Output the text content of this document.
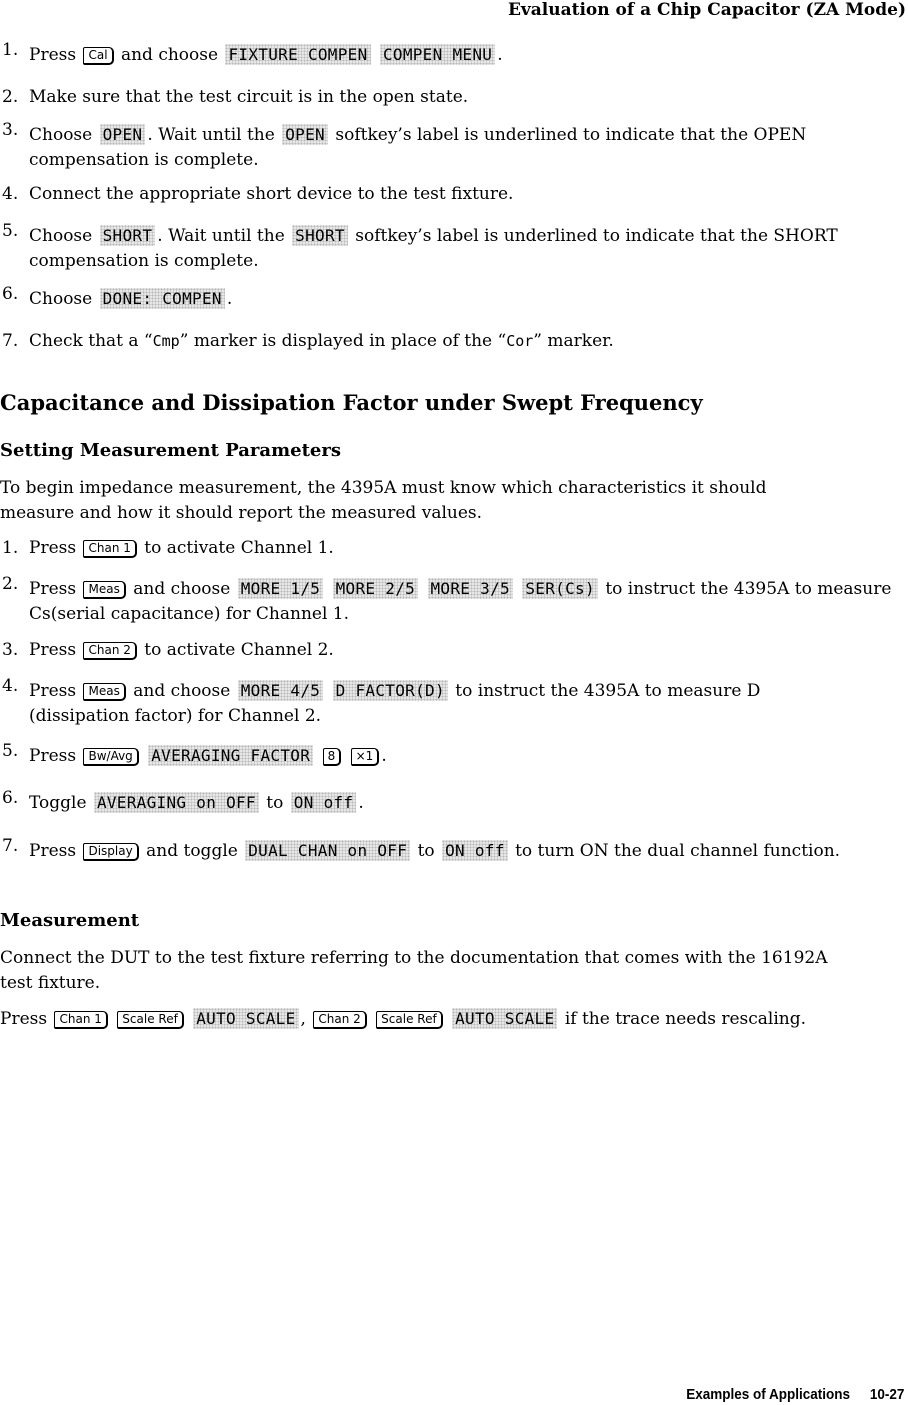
Evaluation of a Chip Capacitor (ZA Mode)
1. Press Cal and choose FIXTURE COMPEN COMPEN MENU .
2. Make sure that the test circuit is in the open state.
3. Choose OPEN . Wait until the OPEN softkey’s label is underlined to indicate that the OPEN compensation is complete.
4. Connect the appropriate short device to the test fixture.
5. Choose SHORT . Wait until the SHORT softkey’s label is underlined to indicate that the SHORT compensation is complete.
6. Choose DONE: COMPEN .
7. Check that a “Cmp” marker is displayed in place of the “Cor” marker.
Capacitance and Dissipation Factor under Swept Frequency
Setting Measurement Parameters
To begin impedance measurement, the 4395A must know which characteristics it should measure and how it should report the measured values.
1. Press Chan 1 to activate Channel 1.
2. Press Meas and choose MORE 1/5 MORE 2/5 MORE 3/5 SER(Cs) to instruct the 4395A to measure Cs(serial capacitance) for Channel 1.
3. Press Chan 2 to activate Channel 2.
4. Press Meas and choose MORE 4/5 D FACTOR(D) to instruct the 4395A to measure D (dissipation factor) for Channel 2.
5. Press Bw/Avg AVERAGING FACTOR 8 ×1 .
6. Toggle AVERAGING on OFF to ON off .
7. Press Display and toggle DUAL CHAN on OFF to ON off to turn ON the dual channel function.
Measurement
Connect the DUT to the test fixture referring to the documentation that comes with the 16192A test fixture.
Press Chan 1 Scale Ref AUTO SCALE , Chan 2 Scale Ref AUTO SCALE if the trace needs rescaling.
Examples of Applications 10-27
